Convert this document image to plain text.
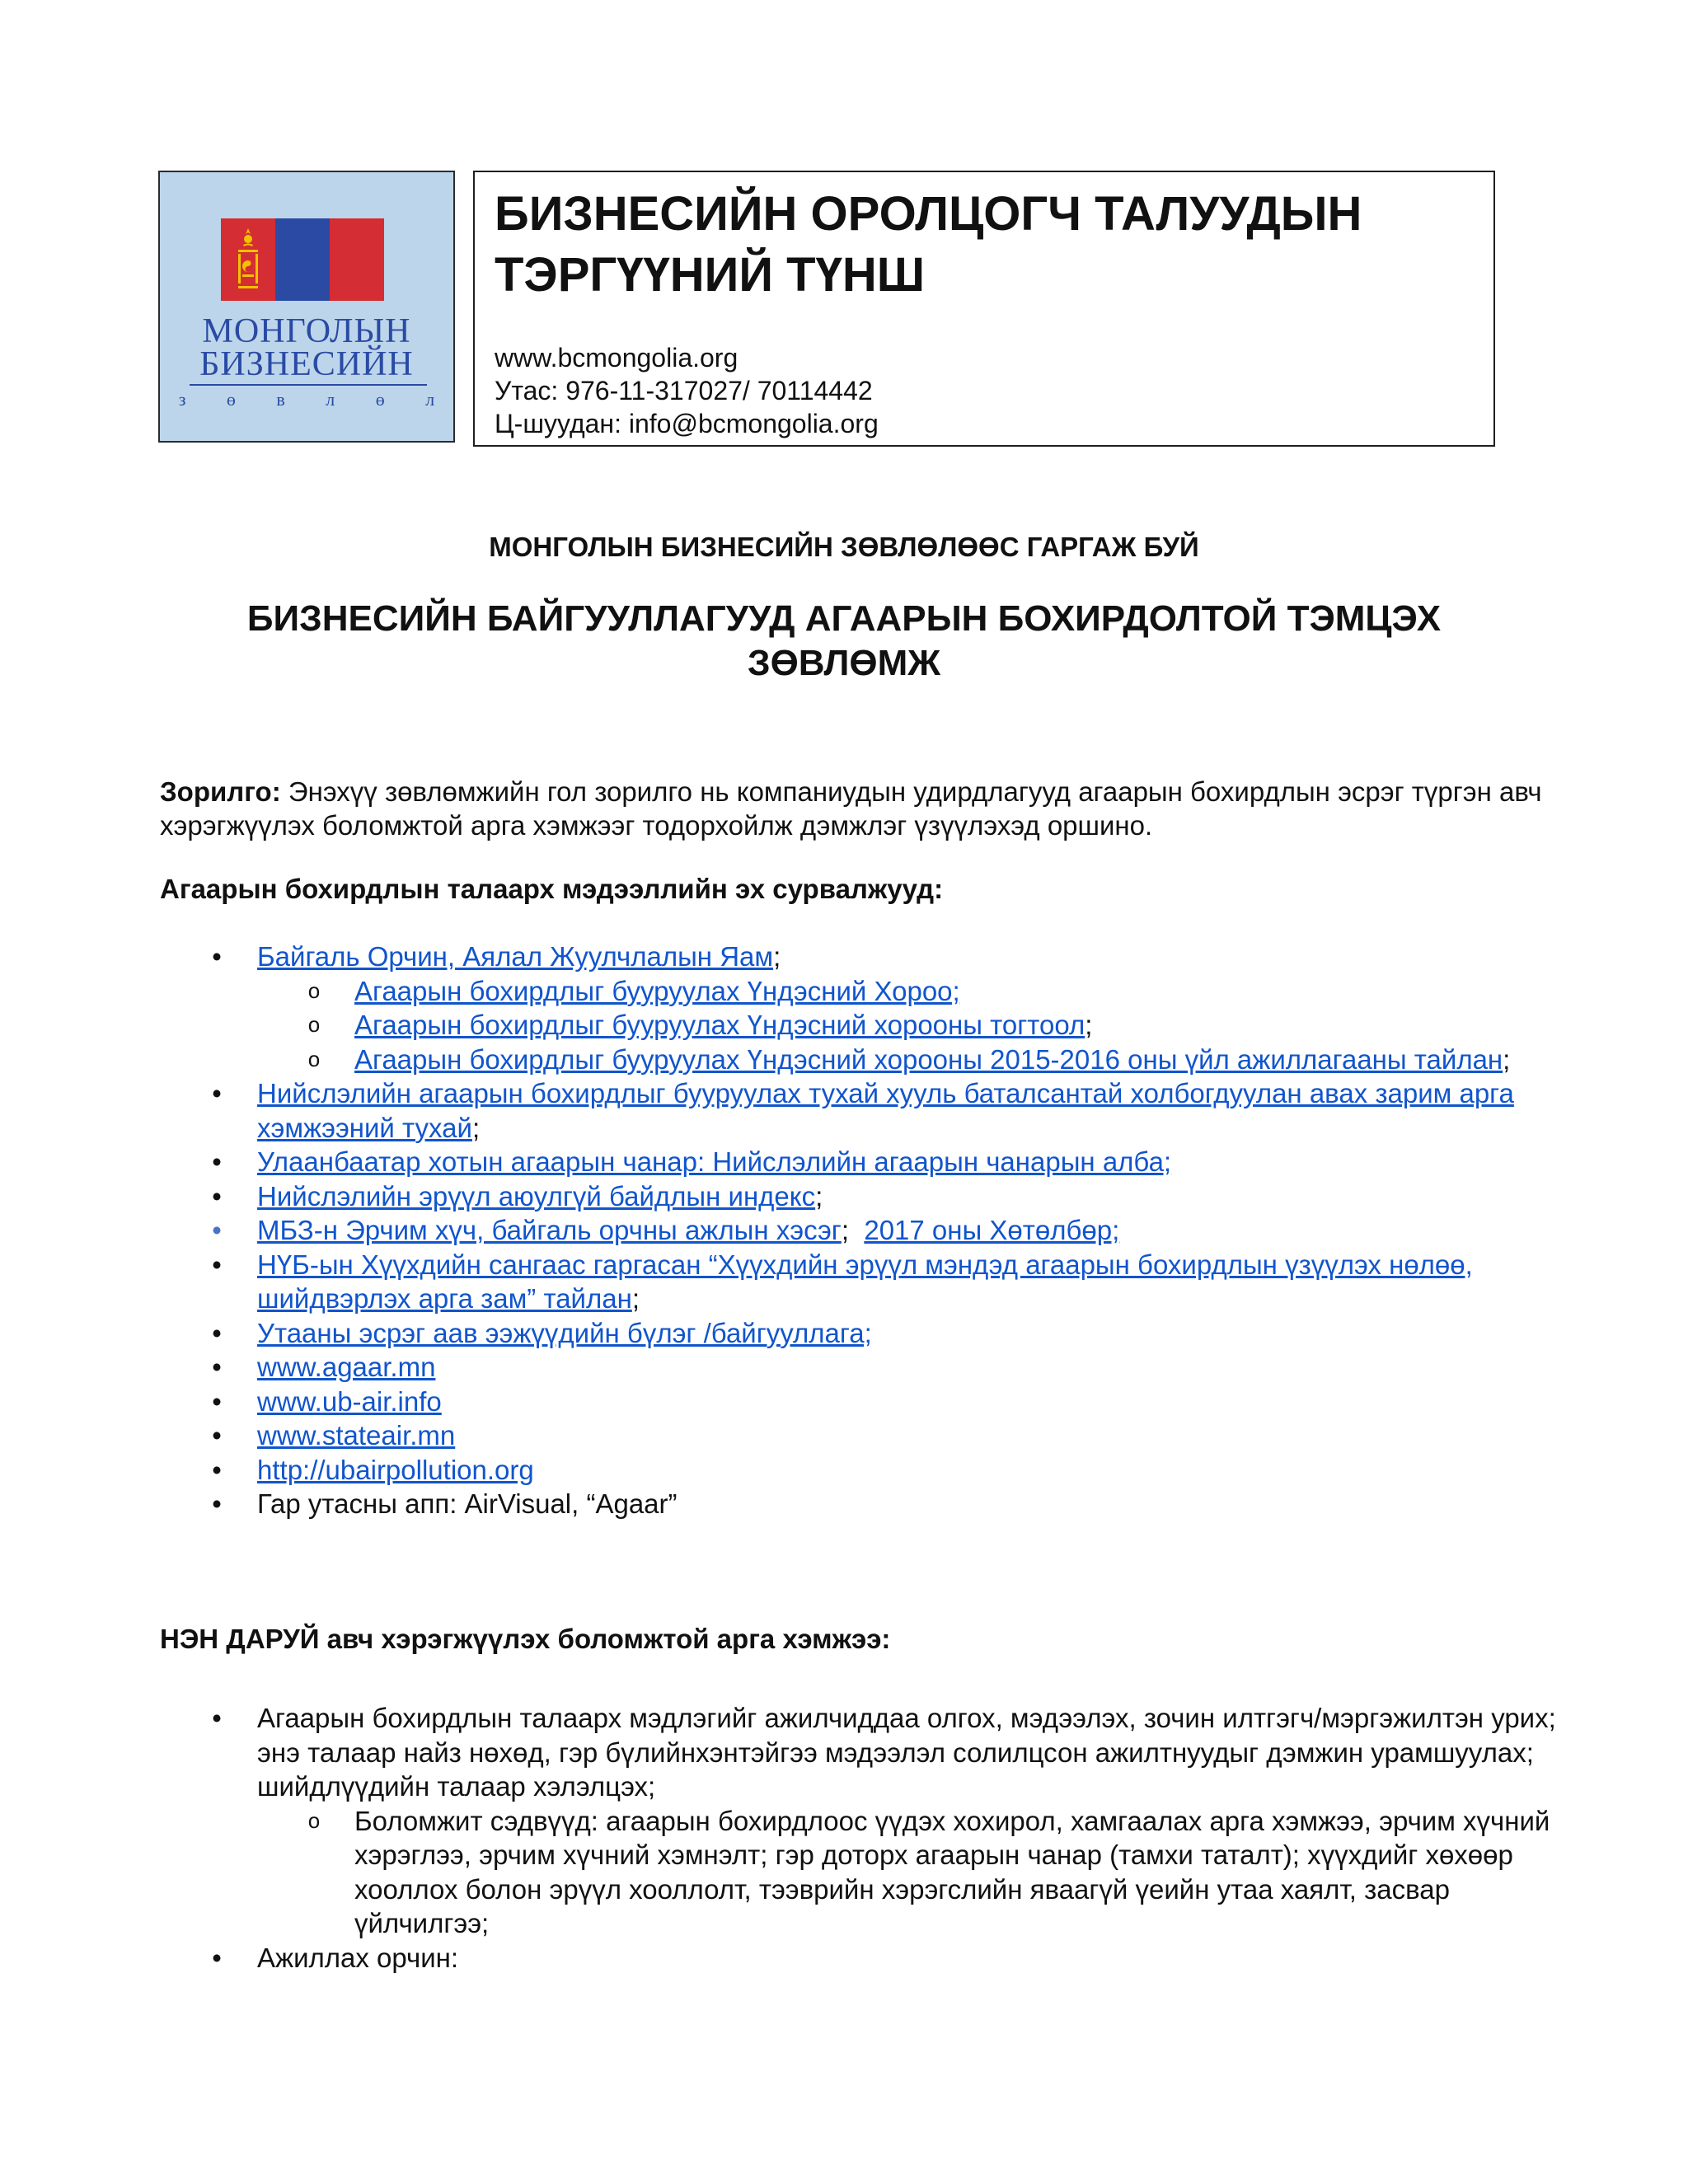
МОНГОЛЫН
БИЗНЕСИЙН
з ө в л ө л
БИЗНЕСИЙН ОРОЛЦОГЧ ТАЛУУДЫН
ТЭРГҮҮНИЙ ТҮНШ
www.bcmongolia.org
Утас: 976-11-317027/ 70114442
Ц-шуудан: info@bcmongolia.org
МОНГОЛЫН БИЗНЕСИЙН ЗӨВЛӨЛӨӨС ГАРГАЖ БУЙ
БИЗНЕСИЙН БАЙГУУЛЛАГУУД АГААРЫН БОХИРДОЛТОЙ ТЭМЦЭХ
ЗӨВЛӨМЖ
Зорилго: Энэхүү зөвлөмжийн гол зорилго нь компаниудын удирдлагууд агаарын бохирдлын эсрэг түргэн авч хэрэгжүүлэх боломжтой арга хэмжээг тодорхойлж дэмжлэг үзүүлэхэд оршино.
Агаарын бохирдлын талаарх мэдээллийн эх сурвалжууд:
• Байгаль Орчин, Аялал Жуулчлалын Яам;
o Агаарын бохирдлыг бууруулах Үндэсний Хороо;
o Агаарын бохирдлыг бууруулах Үндэсний хорооны тогтоол;
o Агаарын бохирдлыг бууруулах Үндэсний хорооны 2015-2016 оны үйл ажиллагааны тайлан;
• Нийслэлийн агаарын бохирдлыг бууруулах тухай хууль баталсантай холбогдуулан авах зарим арга хэмжээний тухай;
• Улаанбаатар хотын агаарын чанар: Нийслэлийн агаарын чанарын алба;
• Нийслэлийн эрүүл аюулгүй байдлын индекс;
• МБЗ-н Эрчим хүч, байгаль орчны ажлын хэсэг;  2017 оны Хөтөлбөр;
• НҮБ-ын Хүүхдийн сангаас гаргасан “Хүүхдийн эрүүл мэндэд агаарын бохирдлын үзүүлэх нөлөө, шийдвэрлэх арга зам” тайлан;
• Утааны эсрэг аав ээжүүдийн бүлэг /байгууллага;
• www.agaar.mn
• www.ub-air.info
• www.stateair.mn
• http://ubairpollution.org
• Гар утасны апп: AirVisual, “Agaar”
НЭН ДАРУЙ авч хэрэгжүүлэх боломжтой арга хэмжээ:
• Агаарын бохирдлын талаарх мэдлэгийг ажилчиддаа олгох, мэдээлэх, зочин илтгэгч/мэргэжилтэн урих; энэ талаар найз нөхөд, гэр бүлийнхэнтэйгээ мэдээлэл солилцсон ажилтнуудыг дэмжин урамшуулах; шийдлүүдийн талаар хэлэлцэх;
o Боломжит сэдвүүд: агаарын бохирдлоос үүдэх хохирол, хамгаалах арга хэмжээ, эрчим хүчний хэрэглээ, эрчим хүчний хэмнэлт; гэр доторх агаарын чанар (тамхи таталт); хүүхдийг хөхөөр хооллох болон эрүүл хооллолт, тээврийн хэрэгслийн яваагүй үеийн утаа хаялт, засвар үйлчилгээ;
• Ажиллах орчин:
